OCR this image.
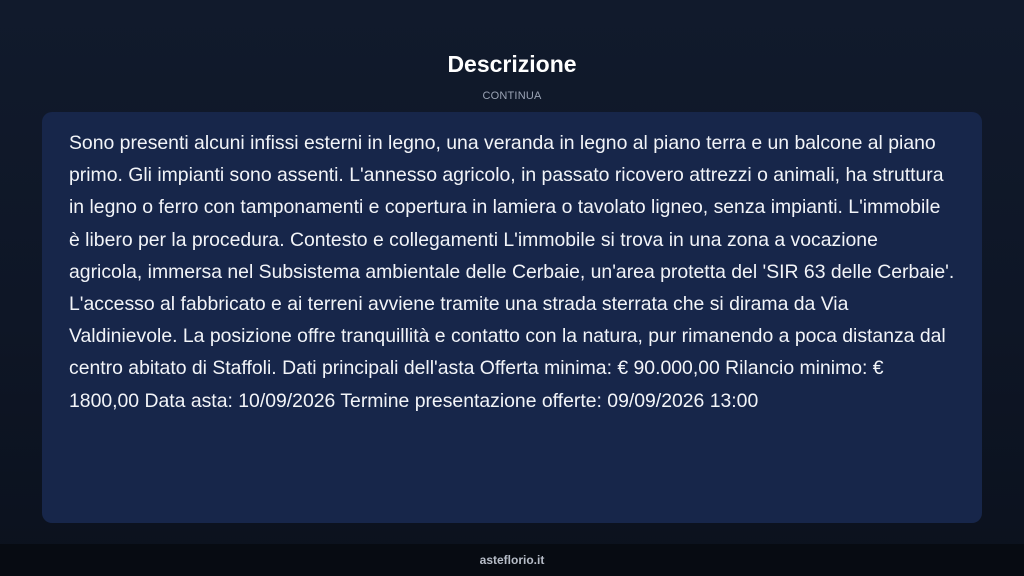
Descrizione
CONTINUA

Sono presenti alcuni infissi esterni in legno, una veranda in legno al piano terra e un balcone al piano primo. Gli impianti sono assenti. L'annesso agricolo, in passato ricovero attrezzi o animali, ha struttura in legno o ferro con tamponamenti e copertura in lamiera o tavolato ligneo, senza impianti. L'immobile è libero per la procedura. Contesto e collegamenti L'immobile si trova in una zona a vocazione agricola, immersa nel Subsistema ambientale delle Cerbaie, un'area protetta del 'SIR 63 delle Cerbaie'. L'accesso al fabbricato e ai terreni avviene tramite una strada sterrata che si dirama da Via Valdinievole. La posizione offre tranquillità e contatto con la natura, pur rimanendo a poca distanza dal centro abitato di Staffoli. Dati principali dell'asta Offerta minima: € 90.000,00 Rilancio minimo: € 1800,00 Data asta: 10/09/2026 Termine presentazione offerte: 09/09/2026 13:00

asteflorio.it
